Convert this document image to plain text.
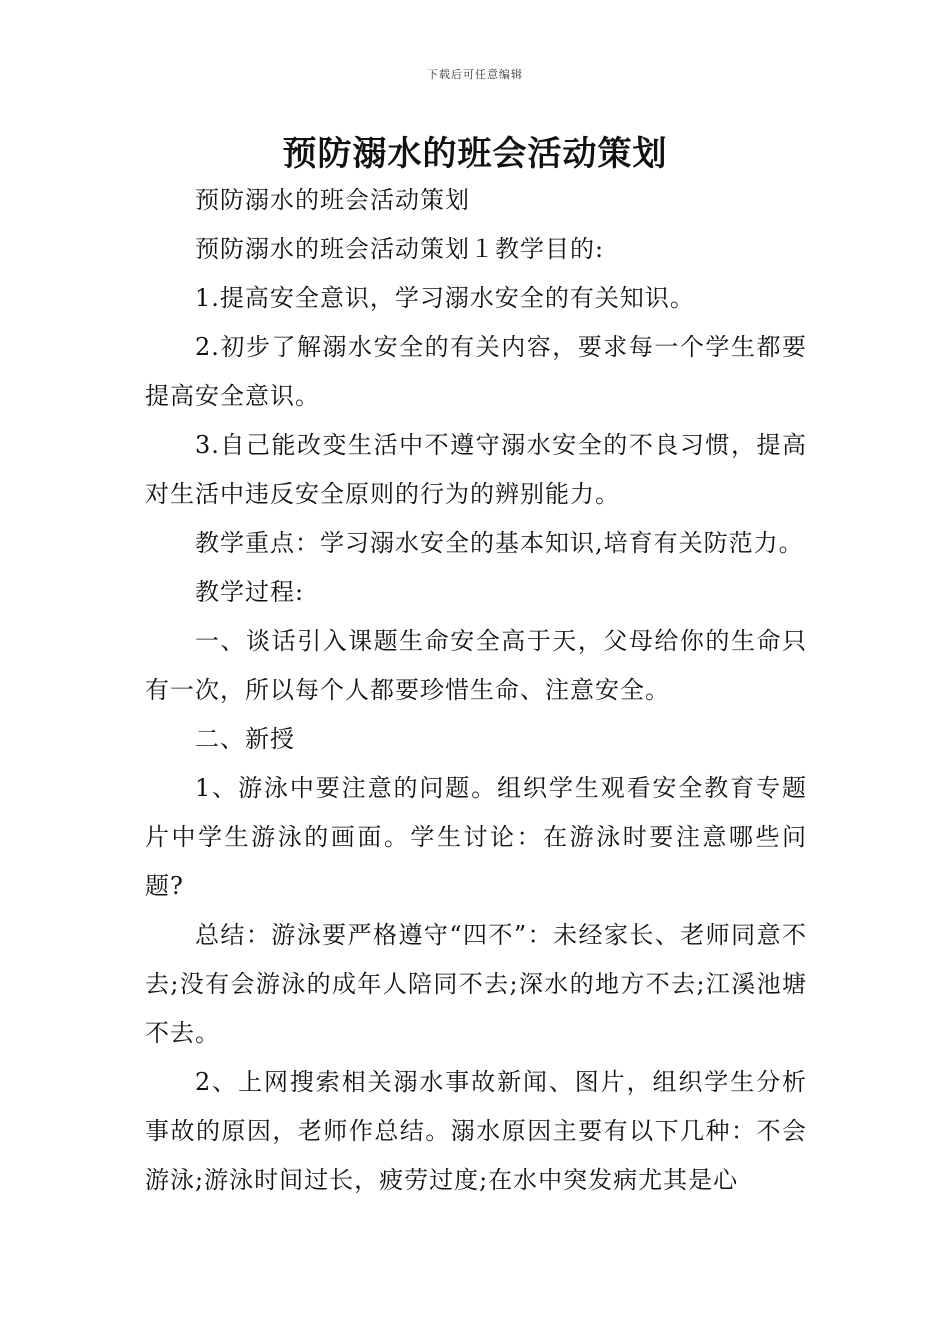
下载后可任意编辑
预防溺水的班会活动策划

预防溺水的班会活动策划

预防溺水的班会活动策划１教学目的:

1.提高安全意识，学习溺水安全的有关知识。

2.初步了解溺水安全的有关内容，要求每一个学生都要提高安全意识。

3.自己能改变生活中不遵守溺水安全的不良习惯，提高对生活中违反安全原则的行为的辨别能力。

教学重点：学习溺水安全的基本知识,培育有关防范力。

教学过程:

一、谈话引入课题生命安全高于天，父母给你的生命只有一次，所以每个人都要珍惜生命、注意安全。

二、新授

1、游泳中要注意的问题。组织学生观看安全教育专题片中学生游泳的画面。学生讨论：在游泳时要注意哪些问题?

总结：游泳要严格遵守“四不”：未经家长、老师同意不去;没有会游泳的成年人陪同不去;深水的地方不去;江溪池塘不去。

2、上网搜索相关溺水事故新闻、图片，组织学生分析事故的原因，老师作总结。溺水原因主要有以下几种：不会游泳;游泳时间过长，疲劳过度;在水中突发病尤其是心
